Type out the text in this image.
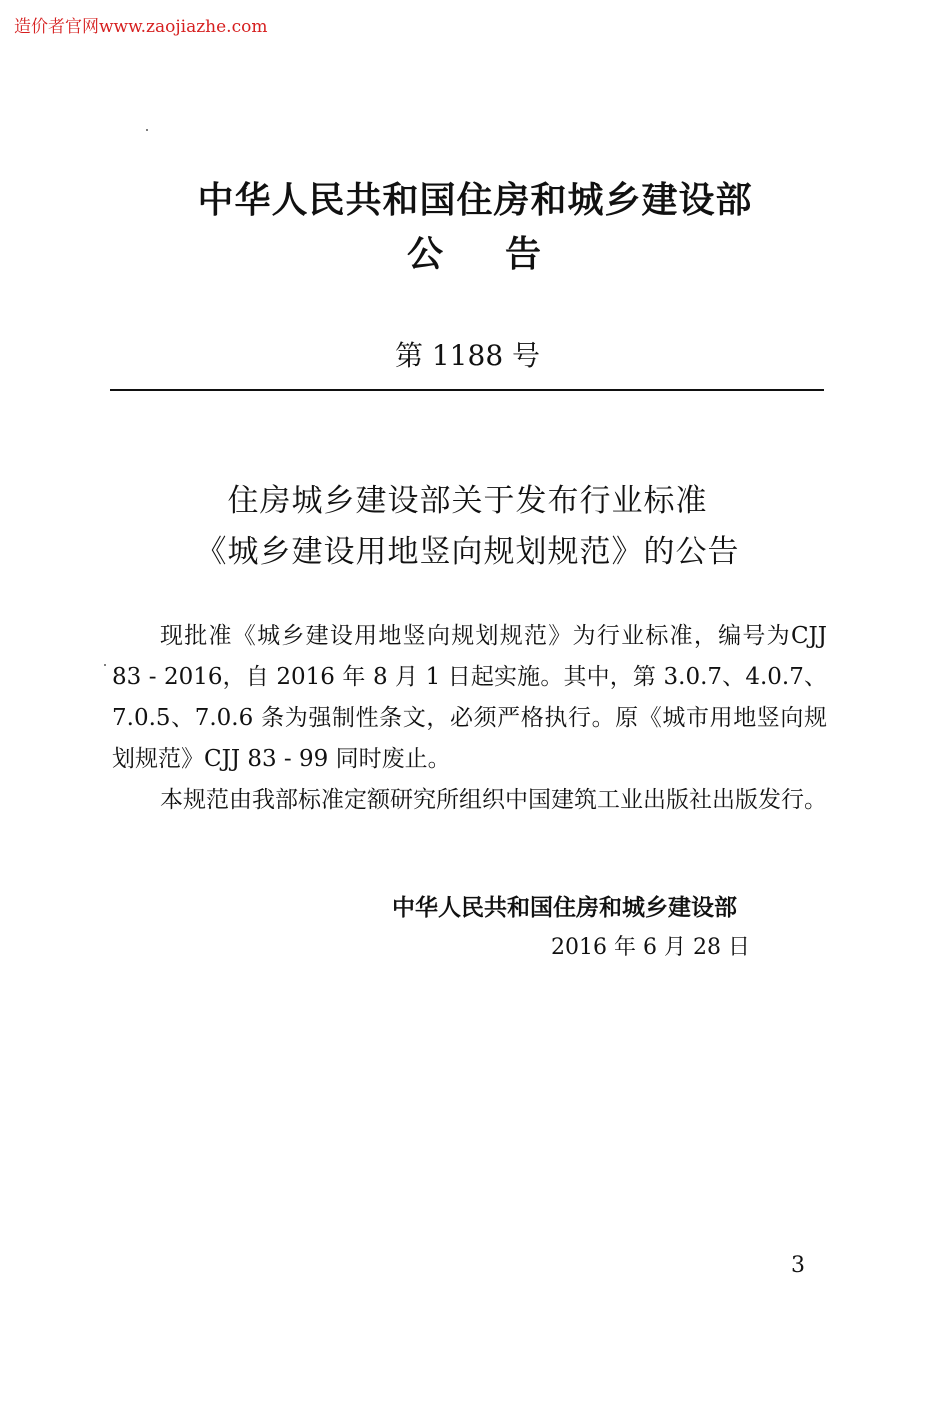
造价者官网www.zaojiazhe.com
中华人民共和国住房和城乡建设部
公 告
第 1188 号
住房城乡建设部关于发布行业标准
《城乡建设用地竖向规划规范》的公告

现批准《城乡建设用地竖向规划规范》为行业标准，编号为CJJ 83 - 2016，自 2016 年 8 月 1 日起实施。其中，第 3.0.7、4.0.7、7.0.5、7.0.6 条为强制性条文，必须严格执行。原《城市用地竖向规划规范》CJJ 83 - 99 同时废止。

本规范由我部标准定额研究所组织中国建筑工业出版社出版发行。

中华人民共和国住房和城乡建设部
2016 年 6 月 28 日
3
